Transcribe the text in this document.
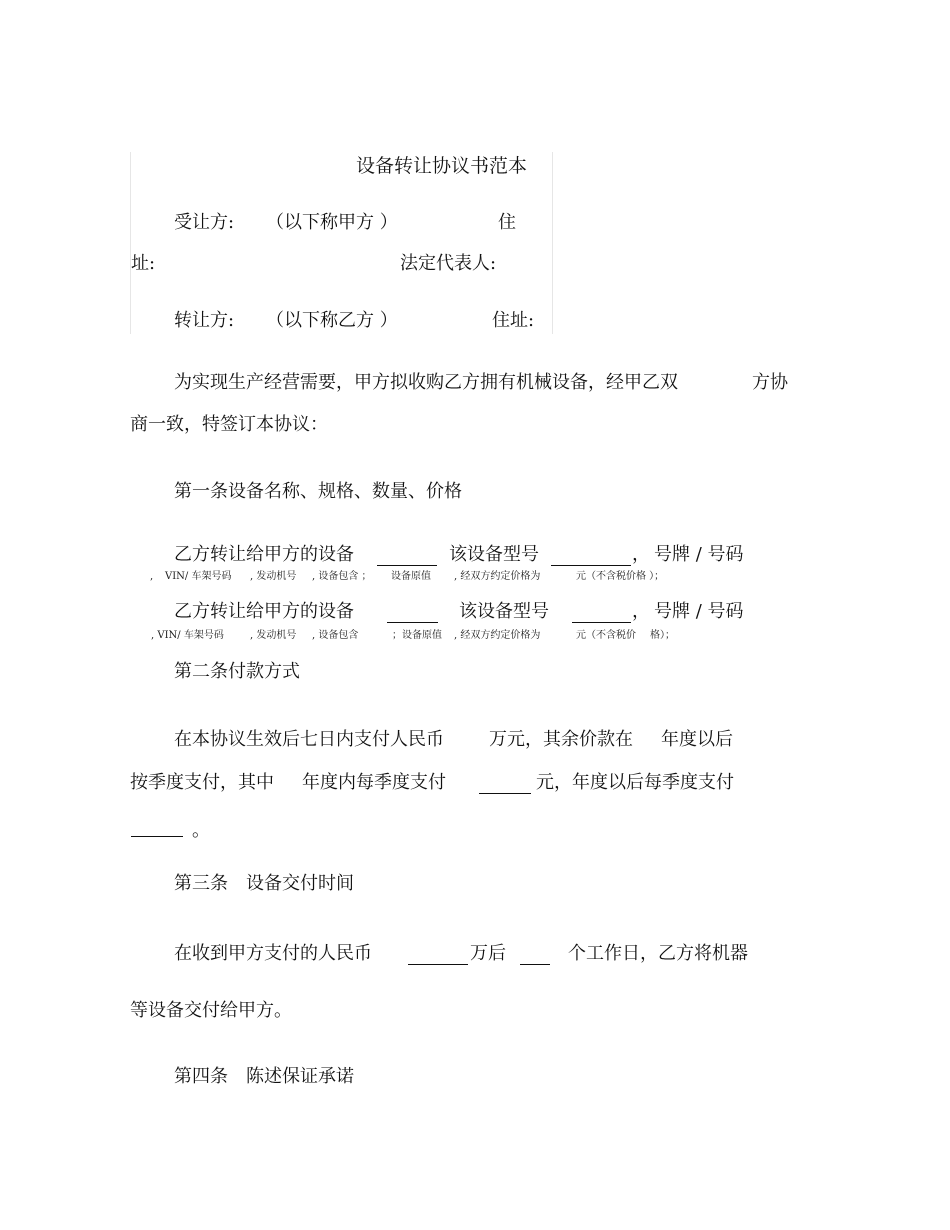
设备转让协议书范本
受让方: （以下称甲方 ）	住
址:	法定代表人:
转让方: （以下称乙方 ）	住址:
为实现生产经营需要，甲方拟收购乙方拥有机械设备，经甲乙双	方协
商一致，特签订本协议：
第一条设备名称、规格、数量、价格
乙方转让给甲方的设备	该设备型号	， 号牌 / 号码
, VIN/ 车架号码 , 发动机号 , 设备包含 ； 设备原值 , 经双方约定价格为	元（不含税价格 ）；
乙方转让给甲方的设备	该设备型号	， 号牌 / 号码
, VIN/ 车架号码	, 发动机号 , 设备包含	；设备原值 , 经双方约定价格为	元（不含税价 格）；
第二条付款方式
在本协议生效后七日内支付人民币	万元，其余价款在 年度以后
按季度支付，其中 年度内每季度支付	元，年度以后每季度支付
。
第三条 设备交付时间
在收到甲方支付的人民币	万后	个工作日，乙方将机器
等设备交付给甲方。
第四条 陈述保证承诺
